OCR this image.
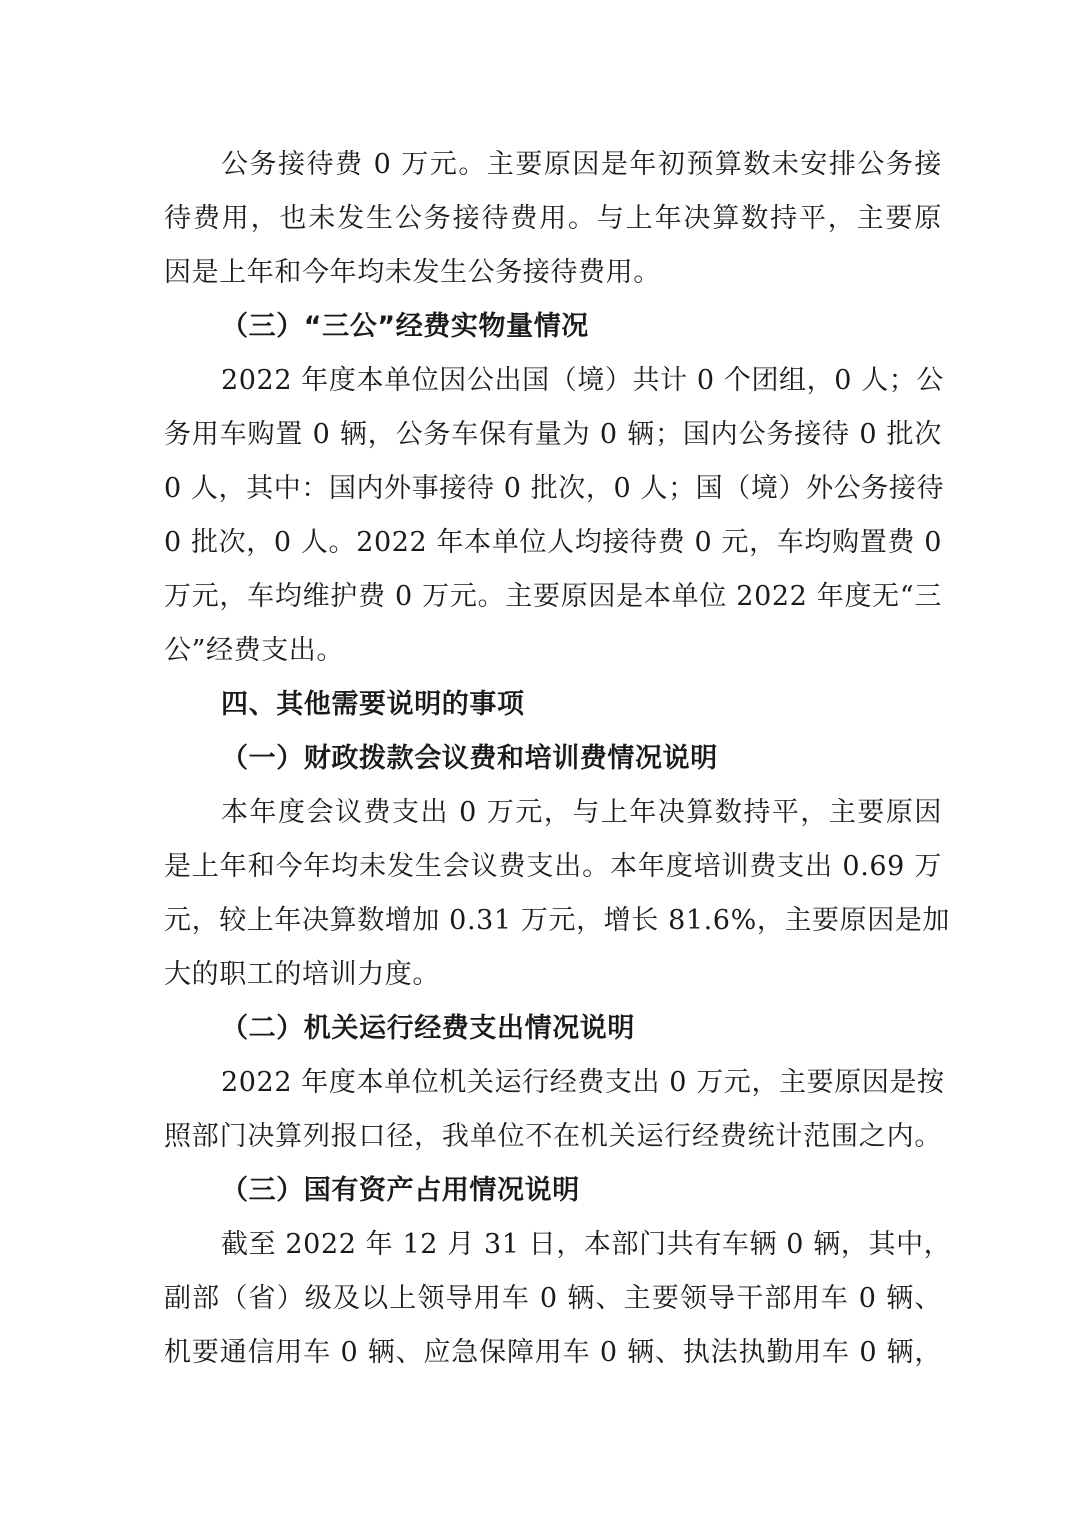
公务接待费 0 万元。主要原因是年初预算数未安排公务接
待费用，也未发生公务接待费用。与上年决算数持平，主要原
因是上年和今年均未发生公务接待费用。
（三）“三公”经费实物量情况
2022 年度本单位因公出国（境）共计 0 个团组，0 人；公
务用车购置 0 辆，公务车保有量为 0 辆；国内公务接待 0 批次
0 人，其中：国内外事接待 0 批次，0 人；国（境）外公务接待
0 批次，0 人。2022 年本单位人均接待费 0 元，车均购置费 0
万元，车均维护费 0 万元。主要原因是本单位 2022 年度无“三
公”经费支出。
四、其他需要说明的事项
（一）财政拨款会议费和培训费情况说明
本年度会议费支出 0 万元，与上年决算数持平，主要原因
是上年和今年均未发生会议费支出。本年度培训费支出 0.69 万
元，较上年决算数增加 0.31 万元，增长 81.6%，主要原因是加
大的职工的培训力度。
（二）机关运行经费支出情况说明
2022 年度本单位机关运行经费支出 0 万元，主要原因是按
照部门决算列报口径，我单位不在机关运行经费统计范围之内。
（三）国有资产占用情况说明
截至 2022 年 12 月 31 日，本部门共有车辆 0 辆，其中，
副部（省）级及以上领导用车 0 辆、主要领导干部用车 0 辆、
机要通信用车 0 辆、应急保障用车 0 辆、执法执勤用车 0 辆，
